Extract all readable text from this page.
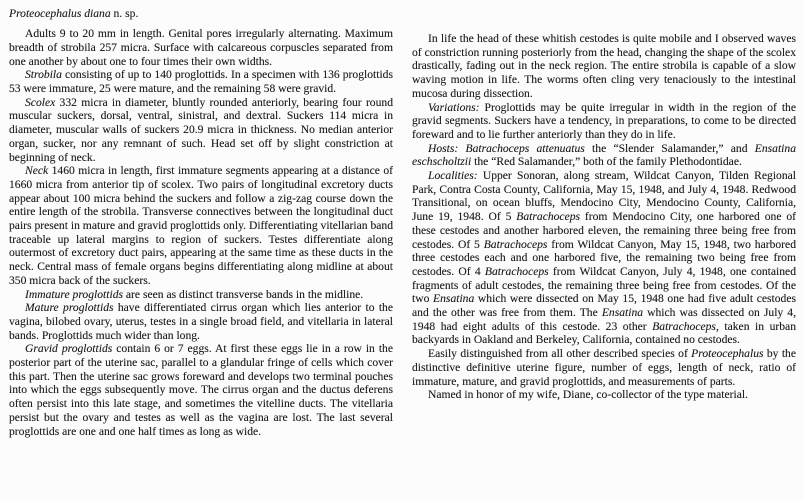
Proteocephalus diana n. sp.

Adults 9 to 20 mm in length. Genital pores irregularly alternating. Maximum breadth of strobila 257 micra. Surface with calcareous corpuscles separated from one another by about one to four times their own widths.

Strobila consisting of up to 140 proglottids. In a specimen with 136 proglottids 53 were immature, 25 were mature, and the remaining 58 were gravid.

Scolex 332 micra in diameter, bluntly rounded anteriorly, bearing four round muscular suckers, dorsal, ventral, sinistral, and dextral. Suckers 114 micra in diameter, muscular walls of suckers 20.9 micra in thickness. No median anterior organ, sucker, nor any remnant of such. Head set off by slight constriction at beginning of neck.

Neck 1460 micra in length, first immature segments appearing at a distance of 1660 micra from anterior tip of scolex. Two pairs of longitudinal excretory ducts appear about 100 micra behind the suckers and follow a zig-zag course down the entire length of the strobila. Transverse connectives between the longitudinal duct pairs present in mature and gravid proglottids only. Differentiating vitellarian band traceable up lateral margins to region of suckers. Testes differentiate along outermost of excretory duct pairs, appearing at the same time as these ducts in the neck. Central mass of female organs begins differentiating along midline at about 350 micra back of the suckers.

Immature proglottids are seen as distinct transverse bands in the midline.

Mature proglottids have differentiated cirrus organ which lies anterior to the vagina, bilobed ovary, uterus, testes in a single broad field, and vitellaria in lateral bands. Proglottids much wider than long.

Gravid proglottids contain 6 or 7 eggs. At first these eggs lie in a row in the posterior part of the uterine sac, parallel to a glandular fringe of cells which cover this part. Then the uterine sac grows foreward and develops two terminal pouches into which the eggs subsequently move. The cirrus organ and the ductus deferens often persist into this late stage, and sometimes the vitelline ducts. The vitellaria persist but the ovary and testes as well as the vagina are lost. The last several proglottids are one and one half times as long as wide.

In life the head of these whitish cestodes is quite mobile and I observed waves of constriction running posteriorly from the head, changing the shape of the scolex drastically, fading out in the neck region. The entire strobila is capable of a slow waving motion in life. The worms often cling very tenaciously to the intestinal mucosa during dissection.

Variations: Proglottids may be quite irregular in width in the region of the gravid segments. Suckers have a tendency, in preparations, to come to be directed foreward and to lie further anteriorly than they do in life.

Hosts: Batrachoceps attenuatus the “Slender Salamander,” and Ensatina eschscholtzii the “Red Salamander,” both of the family Plethodontidae.

Localities: Upper Sonoran, along stream, Wildcat Canyon, Tilden Regional Park, Contra Costa County, California, May 15, 1948, and July 4, 1948. Redwood Transitional, on ocean bluffs, Mendocino City, Mendocino County, California, June 19, 1948. Of 5 Batrachoceps from Mendocino City, one harbored one of these cestodes and another harbored eleven, the remaining three being free from cestodes. Of 5 Batrachoceps from Wildcat Canyon, May 15, 1948, two harbored three cestodes each and one harbored five, the remaining two being free from cestodes. Of 4 Batrachoceps from Wildcat Canyon, July 4, 1948, one contained fragments of adult cestodes, the remaining three being free from cestodes. Of the two Ensatina which were dissected on May 15, 1948 one had five adult cestodes and the other was free from them. The Ensatina which was dissected on July 4, 1948 had eight adults of this cestode. 23 other Batrachoceps, taken in urban backyards in Oakland and Berkeley, California, contained no cestodes.

Easily distinguished from all other described species of Proteocephalus by the distinctive definitive uterine figure, number of eggs, length of neck, ratio of immature, mature, and gravid proglottids, and measurements of parts.

Named in honor of my wife, Diane, co-collector of the type material.
